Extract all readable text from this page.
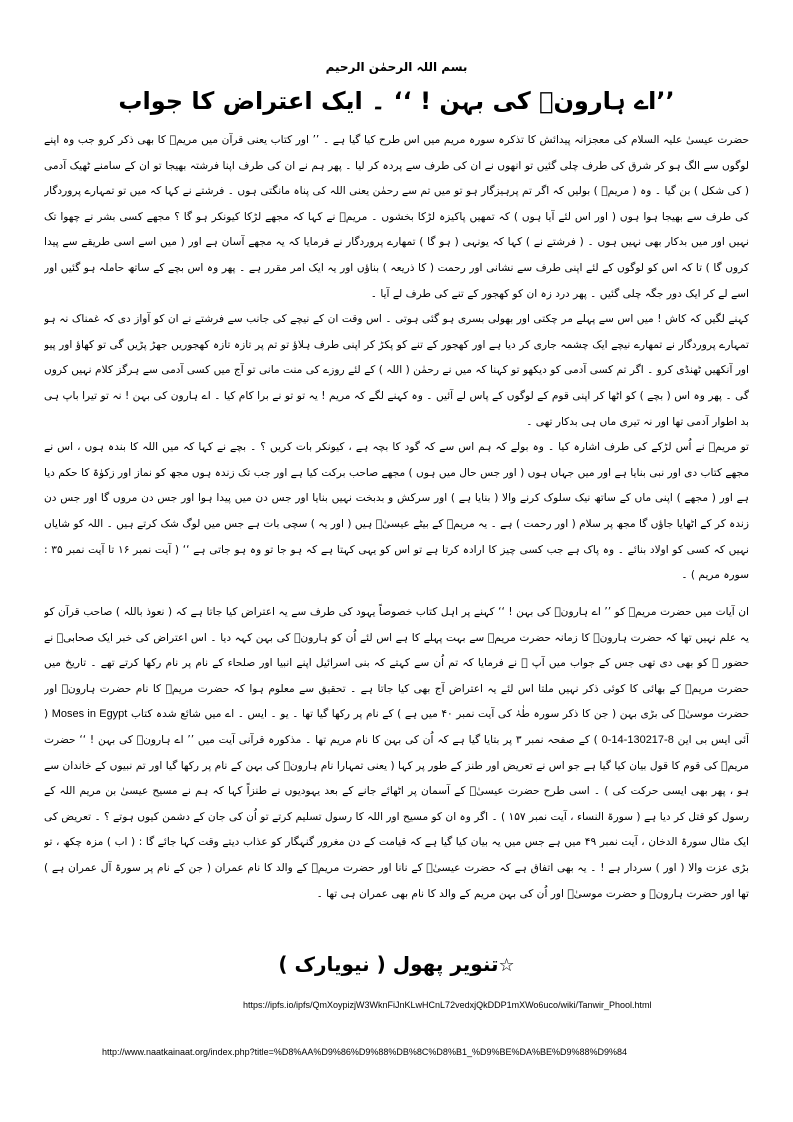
بسم اللہ الرحمٰن الرحیم
’’اے ہارونؑ کی بہن ! ‘‘ ۔ ایک اعتراض کا جواب

حضرت عیسیٰ علیہ السلام کی معجزانہ پیدائش کا تذکرہ سورہ مریم میں اس طرح کیا گیا ہے ۔ ’’ اور کتاب یعنی قرآن میں مریمؑ کا بھی ذکر کرو جب وہ اپنے لوگوں سے الگ ہو کر شرق کی طرف چلی گئیں تو انھوں نے ان کی طرف سے پردہ کر لیا ۔ پھر ہم نے ان کی طرف اپنا فرشتہ بھیجا تو ان کے سامنے ٹھیک آدمی ( کی شکل ) بن گیا ۔ وہ ( مریمؑ ) بولیں کہ اگر تم پرہیزگار ہو تو میں تم سے رحمٰن یعنی اللہ کی پناہ مانگتی ہوں ۔ فرشتے نے کہا کہ میں تو تمہارے پروردگار کی طرف سے بھیجا ہوا ہوں ( اور اس لئے آیا ہوں ) کہ تمھیں پاکیزہ لڑکا بخشوں ۔ مریمؑ نے کہا کہ مجھے لڑکا کیونکر ہو گا ؟ مجھے کسی بشر نے چھوا تک نہیں اور میں بدکار بھی نہیں ہوں ۔ ( فرشتے نے ) کہا کہ یونہی ( ہو گا ) تمھارے پروردگار نے فرمایا کہ یہ مجھے آسان ہے اور ( میں اسے اسی طریقے سے پیدا کروں گا ) تا کہ اس کو لوگوں کے لئے اپنی طرف سے نشانی اور رحمت ( کا ذریعہ ) بناؤں اور یہ ایک امر مقرر ہے ۔ پھر وہ اس بچے کے ساتھ حاملہ ہو گئیں اور اسے لے کر ایک دور جگہ چلی گئیں ۔ پھر درد زہ ان کو کھجور کے تنے کی طرف لے آیا ۔

کہنے لگیں کہ کاش ! میں اس سے پہلے مر چکتی اور بھولی بسری ہو گئی ہوتی ۔ اس وقت ان کے نیچے کی جانب سے فرشتے نے ان کو آواز دی کہ غمناک نہ ہو تمہارے پروردگار نے تمھارے نیچے ایک چشمہ جاری کر دیا ہے اور کھجور کے تنے کو پکڑ کر اپنی طرف ہلاؤ تو تم پر تازہ تازہ کھجوریں جھڑ پڑیں گی تو کھاؤ اور پیو اور آنکھیں ٹھنڈی کرو ۔ اگر تم کسی آدمی کو دیکھو تو کہنا کہ میں نے رحمٰن ( اللہ ) کے لئے روزے کی منت مانی تو آج میں کسی آدمی سے ہرگز کلام نہیں کروں گی ۔ پھر وہ اس ( بچے ) کو اٹھا کر اپنی قوم کے لوگوں کے پاس لے آئیں ۔ وہ کہنے لگے کہ مریم ! یہ تو تو نے برا کام کیا ۔ اے ہارون کی بہن ! نہ تو تیرا باپ ہی بد اطوار آدمی تھا اور نہ تیری ماں ہی بدکار تھی ۔

تو مریمؑ نے اُس لڑکے کی طرف اشارہ کیا ۔ وہ بولے کہ ہم اس سے کہ گود کا بچہ ہے ، کیونکر بات کریں ؟ ۔ بچے نے کہا کہ میں اللہ کا بندہ ہوں ، اس نے مجھے کتاب دی اور نبی بنایا ہے اور میں جہاں ہوں ( اور جس حال میں ہوں ) مجھے صاحب برکت کیا ہے اور جب تک زندہ ہوں مجھ کو نماز اور زکوٰۃ کا حکم دیا ہے اور ( مجھے ) اپنی ماں کے ساتھ نیک سلوک کرنے والا ( بنایا ہے ) اور سرکش و بدبخت نہیں بنایا اور جس دن میں پیدا ہوا اور جس دن مروں گا اور جس دن زندہ کر کے اٹھایا جاؤں گا مجھ پر سلام ( اور رحمت ) ہے ۔ یہ مریمؑ کے بیٹے عیسیٰؑ ہیں ( اور یہ ) سچی بات ہے جس میں لوگ شک کرتے ہیں ۔ اللہ کو شایاں نہیں کہ کسی کو اولاد بنائے ۔ وہ پاک ہے جب کسی چیز کا ارادہ کرتا ہے تو اس کو یہی کہتا ہے کہ ہو جا تو وہ ہو جاتی ہے ‘‘ ( آیت نمبر ۱۶ تا آیت نمبر ۳۵ : سورہ مریم ) ۔

ان آیات میں حضرت مریمؑ کو ’’ اے ہارونؑ کی بہن ! ‘‘ کہنے پر اہل کتاب خصوصاً یہود کی طرف سے یہ اعتراض کیا جاتا ہے کہ ( نعوذ باللہ ) صاحب قرآن کو یہ علم نہیں تھا کہ حضرت ہارونؑ کا زمانہ حضرت مریمؑ سے بہت پہلے کا ہے اس لئے اُن کو ہارونؑ کی بہن کہہ دیا ۔ اس اعتراض کی خبر ایک صحابیؓ نے حضور ﷺ کو بھی دی تھی جس کے جواب میں آپ ﷺ نے فرمایا کہ تم اُن سے کہتے کہ بنی اسرائیل اپنے انبیا اور صلحاء کے نام پر نام رکھا کرتے تھے ۔ تاریخ میں حضرت مریمؑ کے بھائی کا کوئی ذکر نہیں ملتا اس لئے یہ اعتراض آج بھی کیا جاتا ہے ۔ تحقیق سے معلوم ہوا کہ حضرت مریمؑ کا نام حضرت ہارونؑ اور حضرت موسیٰؑ کی بڑی بہن ( جن کا ذکر سورہ طٰہٰ کی آیت نمبر ۴۰ میں ہے ) کے نام پر رکھا گیا تھا ۔ یو ۔ ایس ۔ اے میں شائع شدہ کتاب Moses in Egypt ( آئی ایس بی این 0-14-130217-8 ) کے صفحہ نمبر ۳ پر بتایا گیا ہے کہ اُن کی بہن کا نام مریم تھا ۔ مذکورہ قرآنی آیت میں ’’ اے ہارونؑ کی بہن ! ‘‘ حضرت مریمؑ کی قوم کا قول بیان کیا گیا ہے جو اس نے تعریض اور طنز کے طور پر کہا ( یعنی تمہارا نام ہارونؑ کی بہن کے نام پر رکھا گیا اور تم نبیوں کے خاندان سے ہو ، پھر بھی ایسی حرکت کی ) ۔ اسی طرح حضرت عیسیٰؑ کے آسمان پر اٹھائے جانے کے بعد یہودیوں نے طنزاً کہا کہ ہم نے مسیح عیسیٰ بن مریم اللہ کے رسول کو قتل کر دیا ہے ( سورۃ النساء ، آیت نمبر ۱۵۷ ) ۔ اگر وہ ان کو مسیح اور اللہ کا رسول تسلیم کرتے تو اُن کی جان کے دشمن کیوں ہوتے ؟ ۔ تعریض کی ایک مثال سورۃ الدخان ، آیت نمبر ۴۹ میں ہے جس میں یہ بیان کیا گیا ہے کہ قیامت کے دن مغرور گنہگار کو عذاب دیتے وقت کہا جائے گا : ( اب ) مزہ چکھ ، تو بڑی عزت والا ( اور ) سردار ہے ! ۔ یہ بھی اتفاق ہے کہ حضرت عیسیٰؑ کے نانا اور حضرت مریمؑ کے والد کا نام عمران ( جن کے نام پر سورۃ آل عمران ہے ) تھا اور حضرت ہارونؑ و حضرت موسیٰؑ اور اُن کی بہن مریم کے والد کا نام بھی عمران ہی تھا ۔

☆تنویر پھول ( نیویارک )
https://ipfs.io/ipfs/QmXoypizjW3WknFiJnKLwHCnL72vedxjQkDDP1mXWo6uco/wiki/Tanwir_Phool.html
http://www.naatkainaat.org/index.php?title=%D8%AA%D9%86%D9%88%DB%8C%D8%B1_%D9%BE%DA%BE%D9%88%D9%84
